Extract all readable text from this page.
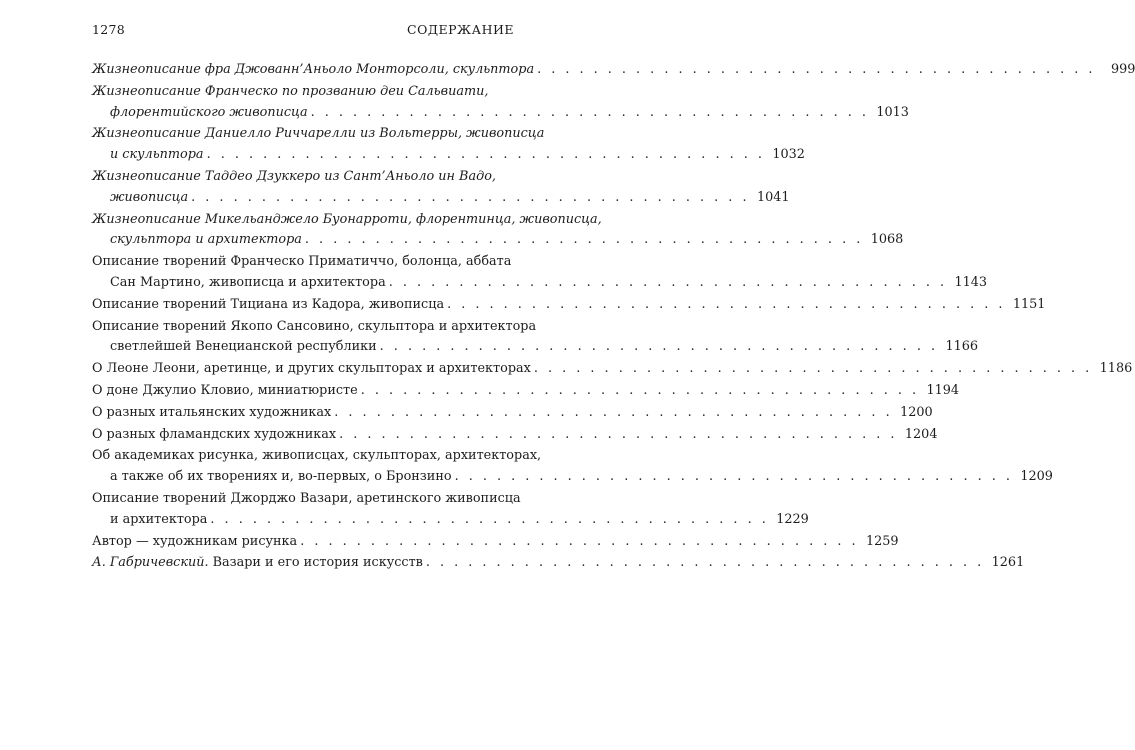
1278	СОДЕРЖАНИЕ
Жизнеописание фра Джованн’Аньоло Монторсоли, скульптора . . . . . . . . . . . . . . . . . . . . . . . . . . . . . . . . . . . . . . . .	999
Жизнеописание Франческо по прозванию деи Сальвиати,
флорентийского живописца . . . . . . . . . . . . . . . . . . . . . . . . . . . . . . . . . . . . . . . . 1013
Жизнеописание Даниелло Риччарелли из Вольтерры, живописца
и скульптора . . . . . . . . . . . . . . . . . . . . . . . . . . . . . . . . . . . . . . . . 1032
Жизнеописание Таддео Дзуккеро из Сант’Аньоло ин Вадо,
живописца . . . . . . . . . . . . . . . . . . . . . . . . . . . . . . . . . . . . . . . . 1041
Жизнеописание Микельанджело Буонарроти, флорентинца, живописца,
скульптора и архитектора . . . . . . . . . . . . . . . . . . . . . . . . . . . . . . . . . . . . . . . . 1068
Описание творений Франческо Приматиччо, болонца, аббата
Сан Мартино, живописца и архитектора . . . . . . . . . . . . . . . . . . . . . . . . . . . . . . . . . . . . . . . . 1143
Описание творений Тициана из Кадора, живописца . . . . . . . . . . . . . . . . . . . . . . . . . . . . . . . . . . . . . . . . 1151
Описание творений Якопо Сансовино, скульптора и архитектора
светлейшей Венецианской республики . . . . . . . . . . . . . . . . . . . . . . . . . . . . . . . . . . . . . . . . 1166
О Леоне Леони, аретинце, и других скульпторах и архитекторах . . . . . . . . . . . . . . . . . . . . . . . . . . . . . . . . . . . . . . . . 1186
О доне Джулио Кловио, миниатюристе . . . . . . . . . . . . . . . . . . . . . . . . . . . . . . . . . . . . . . . . 1194
О разных итальянских художниках . . . . . . . . . . . . . . . . . . . . . . . . . . . . . . . . . . . . . . . . 1200
О разных фламандских художниках . . . . . . . . . . . . . . . . . . . . . . . . . . . . . . . . . . . . . . . . 1204
Об академиках рисунка, живописцах, скульпторах, архитекторах,
а также об их творениях и, во-первых, о Бронзино . . . . . . . . . . . . . . . . . . . . . . . . . . . . . . . . . . . . . . . . 1209
Описание творений Джорджо Вазари, аретинского живописца
и архитектора . . . . . . . . . . . . . . . . . . . . . . . . . . . . . . . . . . . . . . . . 1229
Автор — художникам рисунка . . . . . . . . . . . . . . . . . . . . . . . . . . . . . . . . . . . . . . . . 1259
А. Габричевский . Вазари и его история искусств . . . . . . . . . . . . . . . . . . . . . . . . . . . . . . . . . . . . . . . . 1261
